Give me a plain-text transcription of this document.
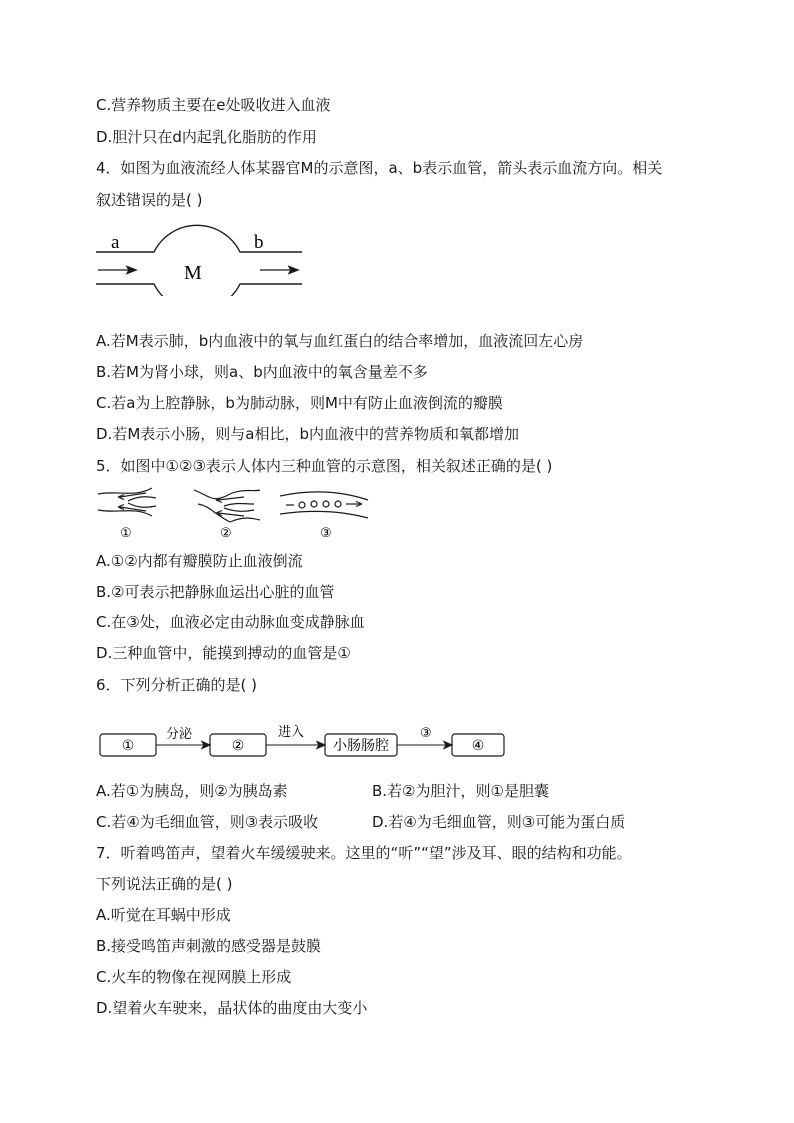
C.营养物质主要在e处吸收进入血液
D.胆汁只在d内起乳化脂肪的作用
4．如图为血液流经人体某器官M的示意图，a、b表示血管，箭头表示血流方向。相关
叙述错误的是( )
a	b
M
A.若M表示肺，b内血液中的氧与血红蛋白的结合率增加，血液流回左心房
B.若M为肾小球，则a、b内血液中的氧含量差不多
C.若a为上腔静脉，b为肺动脉，则M中有防止血液倒流的瓣膜
D.若M表示小肠，则与a相比，b内血液中的营养物质和氧都增加
5．如图中①②③表示人体内三种血管的示意图，相关叙述正确的是( )
①	②	③
A.①②内都有瓣膜防止血液倒流
B.②可表示把静脉血运出心脏的血管
C.在③处，血液必定由动脉血变成静脉血
D.三种血管中，能摸到搏动的血管是①
6．下列分析正确的是( )
①
分泌
②
进入
小肠肠腔
③
④
A.若①为胰岛，则②为胰岛素	B.若②为胆汁，则①是胆囊
C.若④为毛细血管，则③表示吸收	D.若④为毛细血管，则③可能为蛋白质
7．听着鸣笛声，望着火车缓缓驶来。这里的“听”“望”涉及耳、眼的结构和功能。
下列说法正确的是( )
A.听觉在耳蜗中形成
B.接受鸣笛声刺激的感受器是鼓膜
C.火车的物像在视网膜上形成
D.望着火车驶来，晶状体的曲度由大变小
